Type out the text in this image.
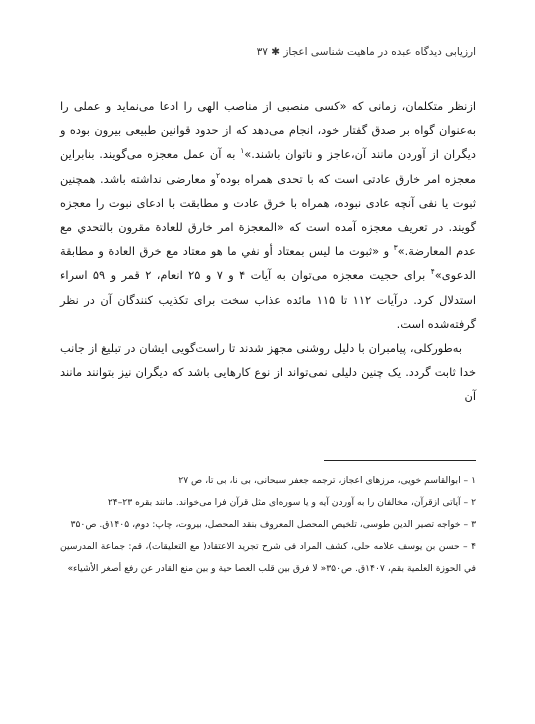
ارزیابی دیدگاه عبده در ماهیت شناسی اعجاز ✱ ۳۷

ازنظر متکلمان، زمانی که «کسی منصبی از مناصب الهی را ادعا می‌نماید و عملی را به‌عنوان گواه بر صدق گفتار خود، انجام می‌دهد که از حدود قوانین طبیعی بیرون بوده و دیگران از آوردن مانند آن،عاجز و ناتوان باشند.»$^۱$ به آن عمل معجزه می‌گویند. بنابراین معجزه امر خارق عادتی است که با تحدی همراه بوده$^۲$و معارضی نداشته باشد. همچنین ثبوت یا نفی آنچه عادی نبوده، همراه با خرق عادت و مطابقت با ادعای نبوت را معجزه گویند. در تعریف معجزه آمده است که «المعجزة امر خارق للعادة مقرون بالتحدي مع عدم المعارضة.»$^۳$ و «ثبوت ما ليس بمعتاد أو نفي ما هو معتاد مع خرق العادة و مطابقة الدعوی»$^۴$ برای حجیت معجزه می‌توان به آیات ۴ و ۷ و ۲۵ انعام، ۲ قمر و ۵۹ اسراء استدلال کرد. درآیات ۱۱۲ تا ۱۱۵ مائده عذاب سخت برای تکذیب کنندگان آن در نظر گرفته‌شده است.

به‌طورکلی، پیامبران با دلیل روشنی مجهز شدند تا راست‌گویی ایشان در تبلیغ از جانب خدا ثابت گردد. یک چنین دلیلی نمی‌تواند از نوع کارهایی باشد که دیگران نیز بتوانند مانند آن

۱ – ابوالقاسم خویی، مرزهای اعجاز، ترجمه جعفر سبحانی، بی نا، بی تا، ص ۲۷

۲ – آیاتی ازقرآن، مخالفان را به آوردن آیه و یا سوره‌ای مثل قرآن فرا می‌خواند. مانند بقره ۲۳–۲۴

۳ – خواجه تصیر الدین طوسی، تلخیص المحصل المعروف بنقد المحصل، بیروت، چاپ: دوم، ۱۴۰۵ق. ص۳۵۰

۴ – حسن بن یوسف علامه حلی، کشف المراد فی شرح تجرید الاعتقاد( مع التعلیقات)، قم: جماعة المدرسین في الحوزة العلمية بقم، ۱۴۰۷ق. ص۳۵۰« لا فرق بين قلب العصا حية و بين منع القادر عن رفع أصغر الأشياء»
